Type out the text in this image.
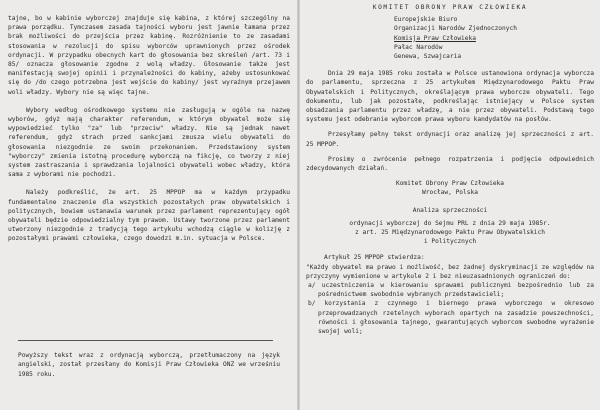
tajne, bo w kabinie wyborczej znajduje się kabina, z której szczególny na prawa porządku. Tymczasem zasada tajności wyboru jest jawnie łamana przez brak możliwości do przejścia przez kabinę. Rozróżnienie to ze zasadami stosowania w rezolucji do spisu wyborców uprawnionych przez ośrodek ordynacji. W przypadku obecnych kart do głosowania bez skreśleń /art. 73 i 85/ oznacza głosowanie zgodne z wolą władzy. Głosowanie także jest manifestacją swojej opinii i przynależności do kabiny, ażeby ustosunkować się do /do czego potrzebna jest wejście do kabiny/ jest wyraźnym przejawem woli władzy. Wybory nie są więc tajne.

Wybory według ośrodkowego systemu nie zasługują w ogóle na nazwę wyborów, gdyż mają charakter referendum, w którym obywatel może się wypowiedzieć tylko "za" lub "przeciw" władzy. Nie są jednak nawet referendum, gdyż strach przed sankcjami zmusza wielu obywateli do głosowania niezgodnie ze swoim przekonaniem. Przedstawiony system "wyborczy" zmienia istotną procedurę wyborczą na fikcję, co tworzy z niej system zastraszania i sprawdzania lojalności obywateli wobec władzy, która sama z wyborami nie pochodzi.

Należy podkreślić, że art. 25 MPPOP ma w każdym przypadku fundamentalne znaczenie dla wszystkich pozostałych praw obywatelskich i politycznych, bowiem ustanawia warunek przez parlament reprezentujący ogół obywateli będzie odpowiedzialny tym prawom. Ustawy tworzone przez parlament utworzony niezgodnie z tradycją tego artykułu wchodzą ciągle w kolizję z pozostałymi prawami człowieka, czego dowodzi m.in. sytuacja w Polsce.

Powyższy tekst wraz z ordynacją wyborczą, przetłumaczony na język angielski, został przesłany do Komisji Praw Człowieka ONZ we wrześniu 1985 roku.

KOMITET OBRONY PRAW CZŁOWIEKA
Europejskie Biuro
Organizacji Narodów Zjednoczonych
Komisja Praw Człowieka
Pałac Narodów
Genewa, Szwajcaria

Dnia 29 maja 1985 roku została w Polsce ustanowiona ordynacja wyborcza do parlamentu, sprzeczna z 25 artykułem Międzynarodowego Paktu Praw Obywatelskich i Politycznych, określającym prawa wyborcze obywateli. Tego dokumentu, lub jak pozostałe, podkreślając istniejący w Polsce system obsadzania parlamentu przez władzę, a nie przez obywateli. Podstawą tego systemu jest odebranie wyborcom prawa wyboru kandydatów na posłów.

Przesyłamy pełny tekst ordynacji oraz analizę jej sprzeczności z art. 25 MPPOP.

Prosimy o zwrócenie pełnego rozpatrzenia i podjęcie odpowiednich zdecydowanych działań.

Komitet Obrony Praw Człowieka
Wrocław, Polska
Analiza sprzeczności
ordynacji wyborczej do Sejmu PRL z dnia 29 maja 1985r.
z art. 25 Międzynarodowego Paktu Praw Obywatelskich
i Politycznych

Artykuł 25 MPPOP stwierdza:

"Każdy obywatel ma prawo i możliwość, bez żadnej dyskryminacji ze względów na przyczyny wymienione w artykule 2 i bez nieuzasadnionych ograniczeń do:

a/ uczestniczenia w kierowaniu sprawami publicznymi bezpośrednio lub za pośrednictwem swobodnie wybranych przedstawicieli;

b/ korzystania z czynnego i biernego prawa wyborczego w okresowo przeprowadzanych rzetelnych wyborach opartych na zasadzie powszechności, równości i głosowania tajnego, gwarantujących wyborcom swobodne wyrażenie swojej woli;
